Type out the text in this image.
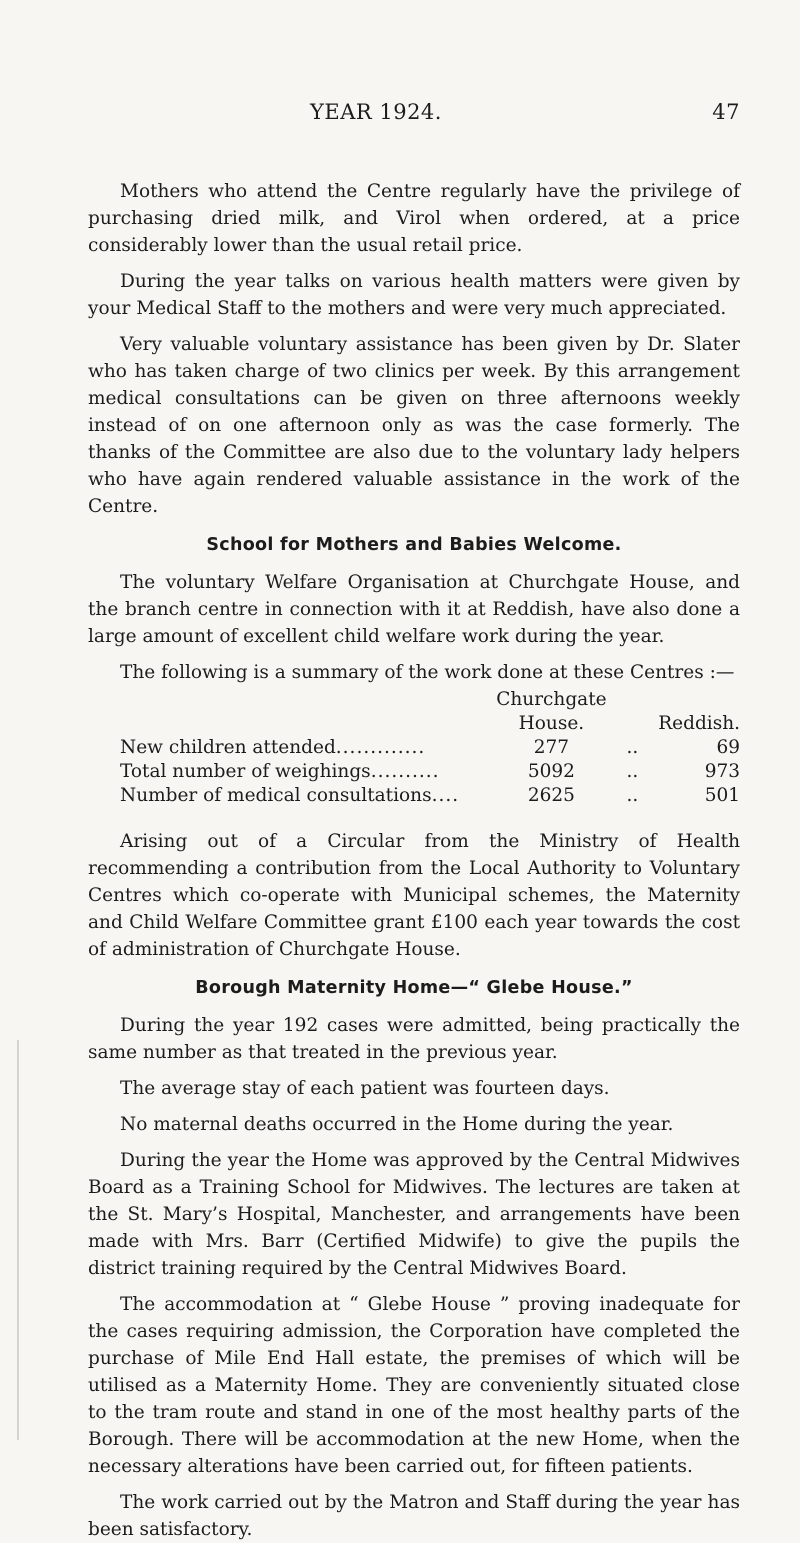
YEAR 1924.	47

Mothers who attend the Centre regularly have the privilege of purchasing dried milk, and Virol when ordered, at a price considerably lower than the usual retail price.

During the year talks on various health matters were given by your Medical Staff to the mothers and were very much appreciated.

Very valuable voluntary assistance has been given by Dr. Slater who has taken charge of two clinics per week. By this arrangement medical consultations can be given on three afternoons weekly instead of on one afternoon only as was the case formerly. The thanks of the Committee are also due to the voluntary lady helpers who have again rendered valuable assistance in the work of the Centre.

School for Mothers and Babies Welcome.

The voluntary Welfare Organisation at Churchgate House, and the branch centre in connection with it at Reddish, have also done a large amount of excellent child welfare work during the year.

The following is a summary of the work done at these Centres :—

	Churchgate
House.		Reddish.
New children attended.............	277	..	69
Total number of weighings..........	5092	..	973
Number of medical consultations....	2625	..	501

Arising out of a Circular from the Ministry of Health recommending a contribution from the Local Authority to Voluntary Centres which co-operate with Municipal schemes, the Maternity and Child Welfare Committee grant £100 each year towards the cost of administration of Churchgate House.

Borough Maternity Home—“ Glebe House.”

During the year 192 cases were admitted, being practically the same number as that treated in the previous year.

The average stay of each patient was fourteen days.

No maternal deaths occurred in the Home during the year.

During the year the Home was approved by the Central Midwives Board as a Training School for Midwives. The lectures are taken at the St. Mary’s Hospital, Manchester, and arrangements have been made with Mrs. Barr (Certified Midwife) to give the pupils the district training required by the Central Midwives Board.

The accommodation at “ Glebe House ” proving inadequate for the cases requiring admission, the Corporation have completed the purchase of Mile End Hall estate, the premises of which will be utilised as a Maternity Home. They are conveniently situated close to the tram route and stand in one of the most healthy parts of the Borough. There will be accommodation at the new Home, when the necessary alterations have been carried out, for fifteen patients.

The work carried out by the Matron and Staff during the year has been satisfactory.
